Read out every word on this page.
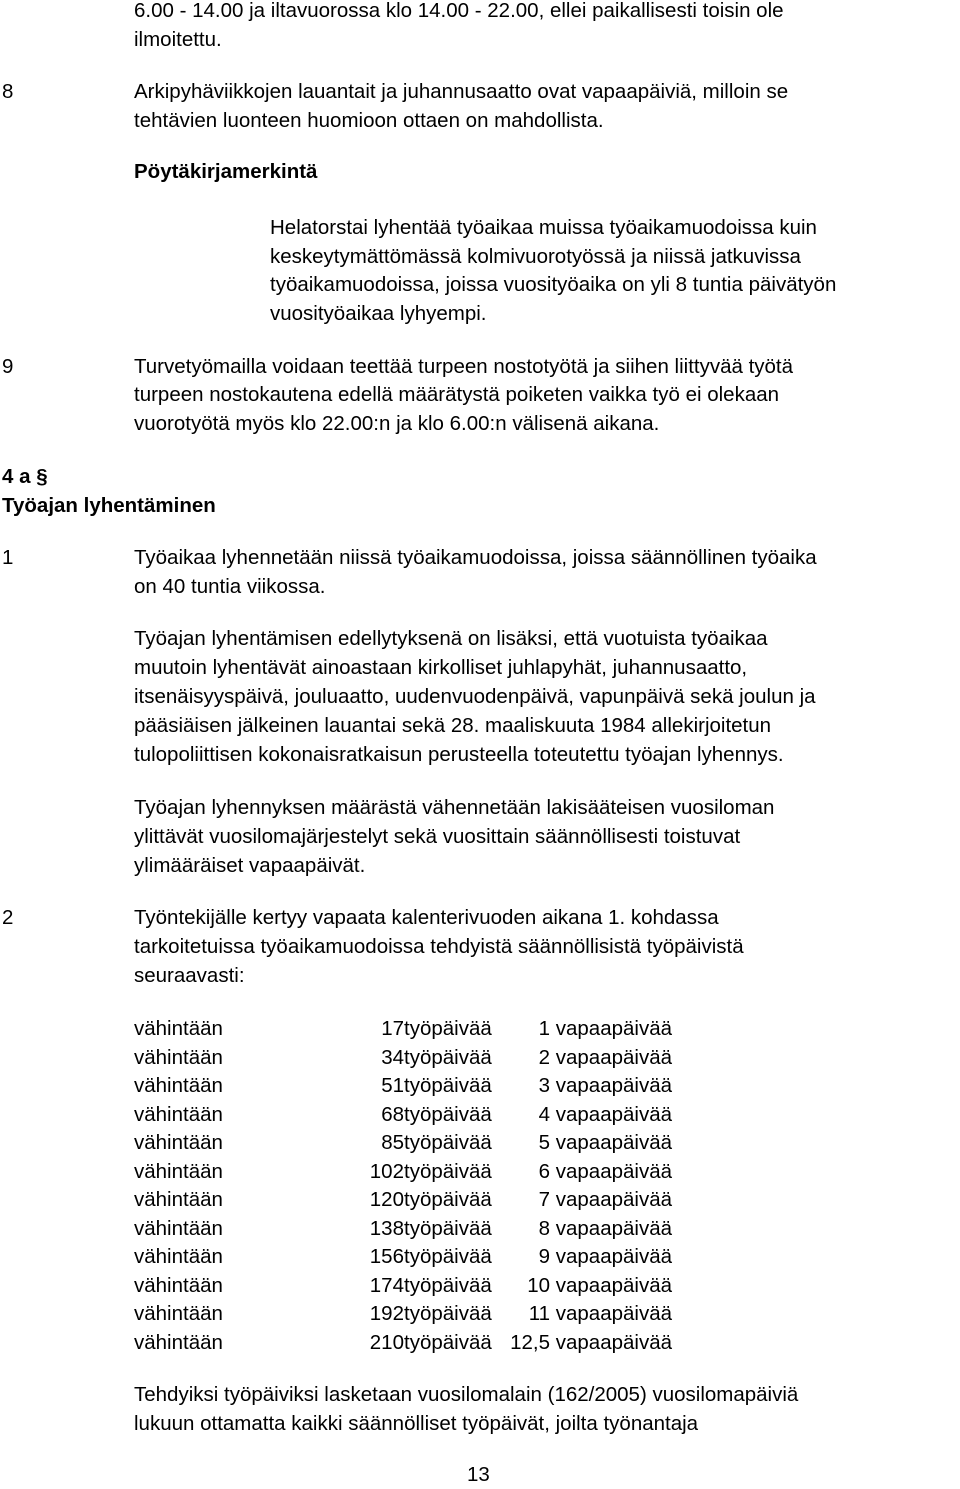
6.00 - 14.00 ja iltavuorossa klo 14.00 - 22.00, ellei paikallisesti toisin ole
ilmoitettu.
8	Arkipyhäviikkojen lauantait ja juhannusaatto ovat vapaapäiviä, milloin se
tehtävien luonteen huomioon ottaen on mahdollista.
Pöytäkirjamerkintä
Helatorstai lyhentää työaikaa muissa työaikamuodoissa kuin
keskeytymättömässä kolmivuorotyössä ja niissä jatkuvissa
työaikamuodoissa, joissa vuosityöaika on yli 8 tuntia päivätyön
vuosityöaikaa lyhyempi.
9	Turvetyömailla voidaan teettää turpeen nostotyötä ja siihen liittyvää työtä
turpeen nostokautena edellä määrätystä poiketen vaikka työ ei olekaan
vuorotyötä myös klo 22.00:n ja klo 6.00:n välisenä aikana.
4 a §
Työajan lyhentäminen
1	Työaikaa lyhennetään niissä työaikamuodoissa, joissa säännöllinen työaika
on 40 tuntia viikossa.
Työajan lyhentämisen edellytyksenä on lisäksi, että vuotuista työaikaa
muutoin lyhentävät ainoastaan kirkolliset juhlapyhät, juhannusaatto,
itsenäisyyspäivä, jouluaatto, uudenvuodenpäivä, vapunpäivä sekä joulun ja
pääsiäisen jälkeinen lauantai sekä 28. maaliskuuta 1984 allekirjoitetun
tulopoliittisen kokonaisratkaisun perusteella toteutettu työajan lyhennys.
Työajan lyhennyksen määrästä vähennetään lakisääteisen vuosiloman
ylittävät vuosilomajärjestelyt sekä vuosittain säännöllisesti toistuvat
ylimääräiset vapaapäivät.
2	Työntekijälle kertyy vapaata kalenterivuoden aikana 1. kohdassa
tarkoitetuissa työaikamuodoissa tehdyistä säännöllisistä työpäivistä
seuraavasti:
vähintään	17 työpäivää 1 vapaapäivää
vähintään	34 työpäivää 2 vapaapäivää
vähintään	51 työpäivää 3 vapaapäivää
vähintään	68 työpäivää 4 vapaapäivää
vähintään	85 työpäivää 5 vapaapäivää
vähintään	102 työpäivää 6 vapaapäivää
vähintään	120 työpäivää 7 vapaapäivää
vähintään	138 työpäivää 8 vapaapäivää
vähintään	156 työpäivää 9 vapaapäivää
vähintään	174 työpäivää 10 vapaapäivää
vähintään	192 työpäivää 11 vapaapäivää
vähintään	210 työpäivää 12,5 vapaapäivää
Tehdyiksi työpäiviksi lasketaan vuosilomalain (162/2005) vuosilomapäiviä
lukuun ottamatta kaikki säännölliset työpäivät, joilta työnantaja
13
